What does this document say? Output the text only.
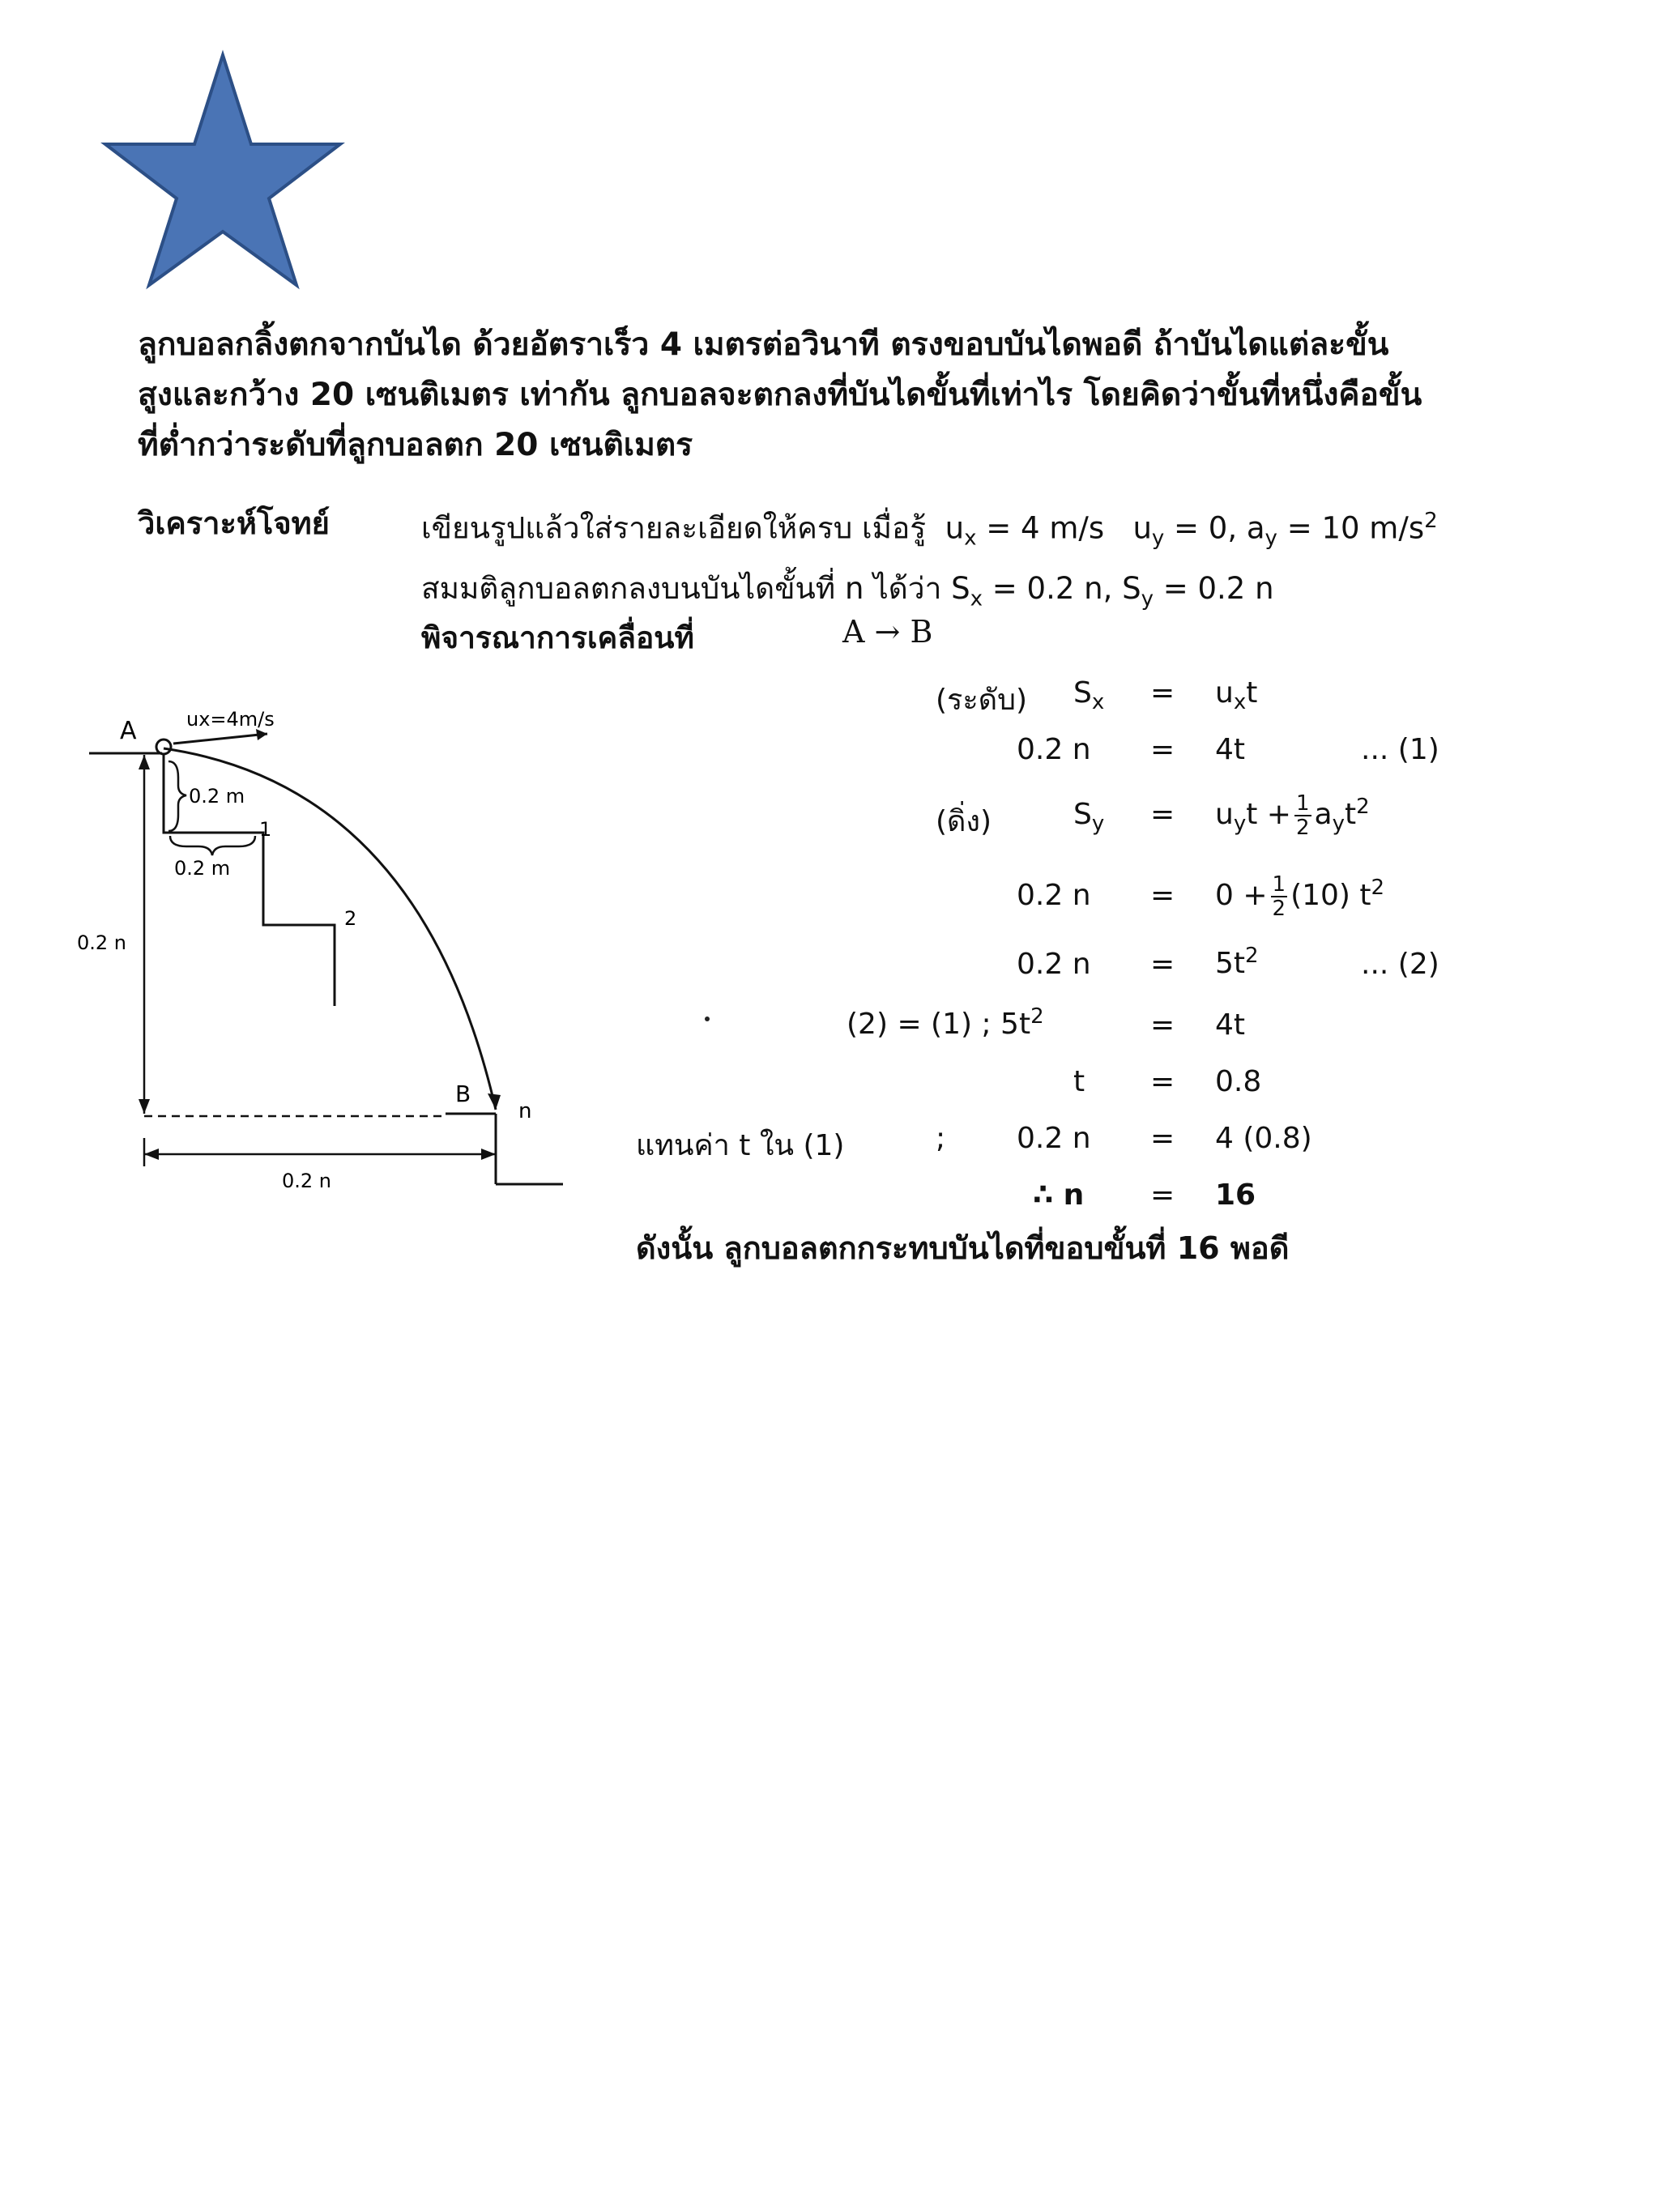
ลูกบอลกลิ้งตกจากบันได ด้วยอัตราเร็ว 4 เมตรต่อวินาที ตรงขอบบันไดพอดี ถ้าบันไดแต่ละขั้น
สูงและกว้าง 20 เซนติเมตร เท่ากัน ลูกบอลจะตกลงที่บันไดขั้นที่เท่าไร โดยคิดว่าขั้นที่หนึ่งคือขั้น
ที่ต่ำกว่าระดับที่ลูกบอลตก 20 เซนติเมตร
วิเคราะห์โจทย์	เขียนรูปแล้วใส่รายละเอียดให้ครบ เมื่อรู้ $u_x = 4$ m/s $u_y = 0$, $a_y = 10$ $m/s^2$
สมมติลูกบอลตกลงบนบันไดขั้นที่ n ได้ว่า $S_x = 0.2$ n, $S_y = 0.2$ n
พิจารณาการเคลื่อนที่	A → B
A	ux=4m/s
1
2
0.2 m
0.2 m
B
n
0.2 n
0.2 n
(ระดับ) $S_x = u_xt$
0.2 n = 4t	... (1)
(ดิ่ง)	$S_y = u_yt + \frac{1}{2} a_yt^2$
0.2 $n = 0 + \frac{1}{2} (10)$ $t^2$
0.2 $n = 5t^2$	... (2)
(2) = (1) ; $5t^2$	= 4t
t = 0.8
แทนค่า t ใน (1)	; 0.2 n = 4 (0.8)
∴ n = 16
ดังนั้น ลูกบอลตกกระทบบันไดที่ขอบขั้นที่ 16 พอดี
